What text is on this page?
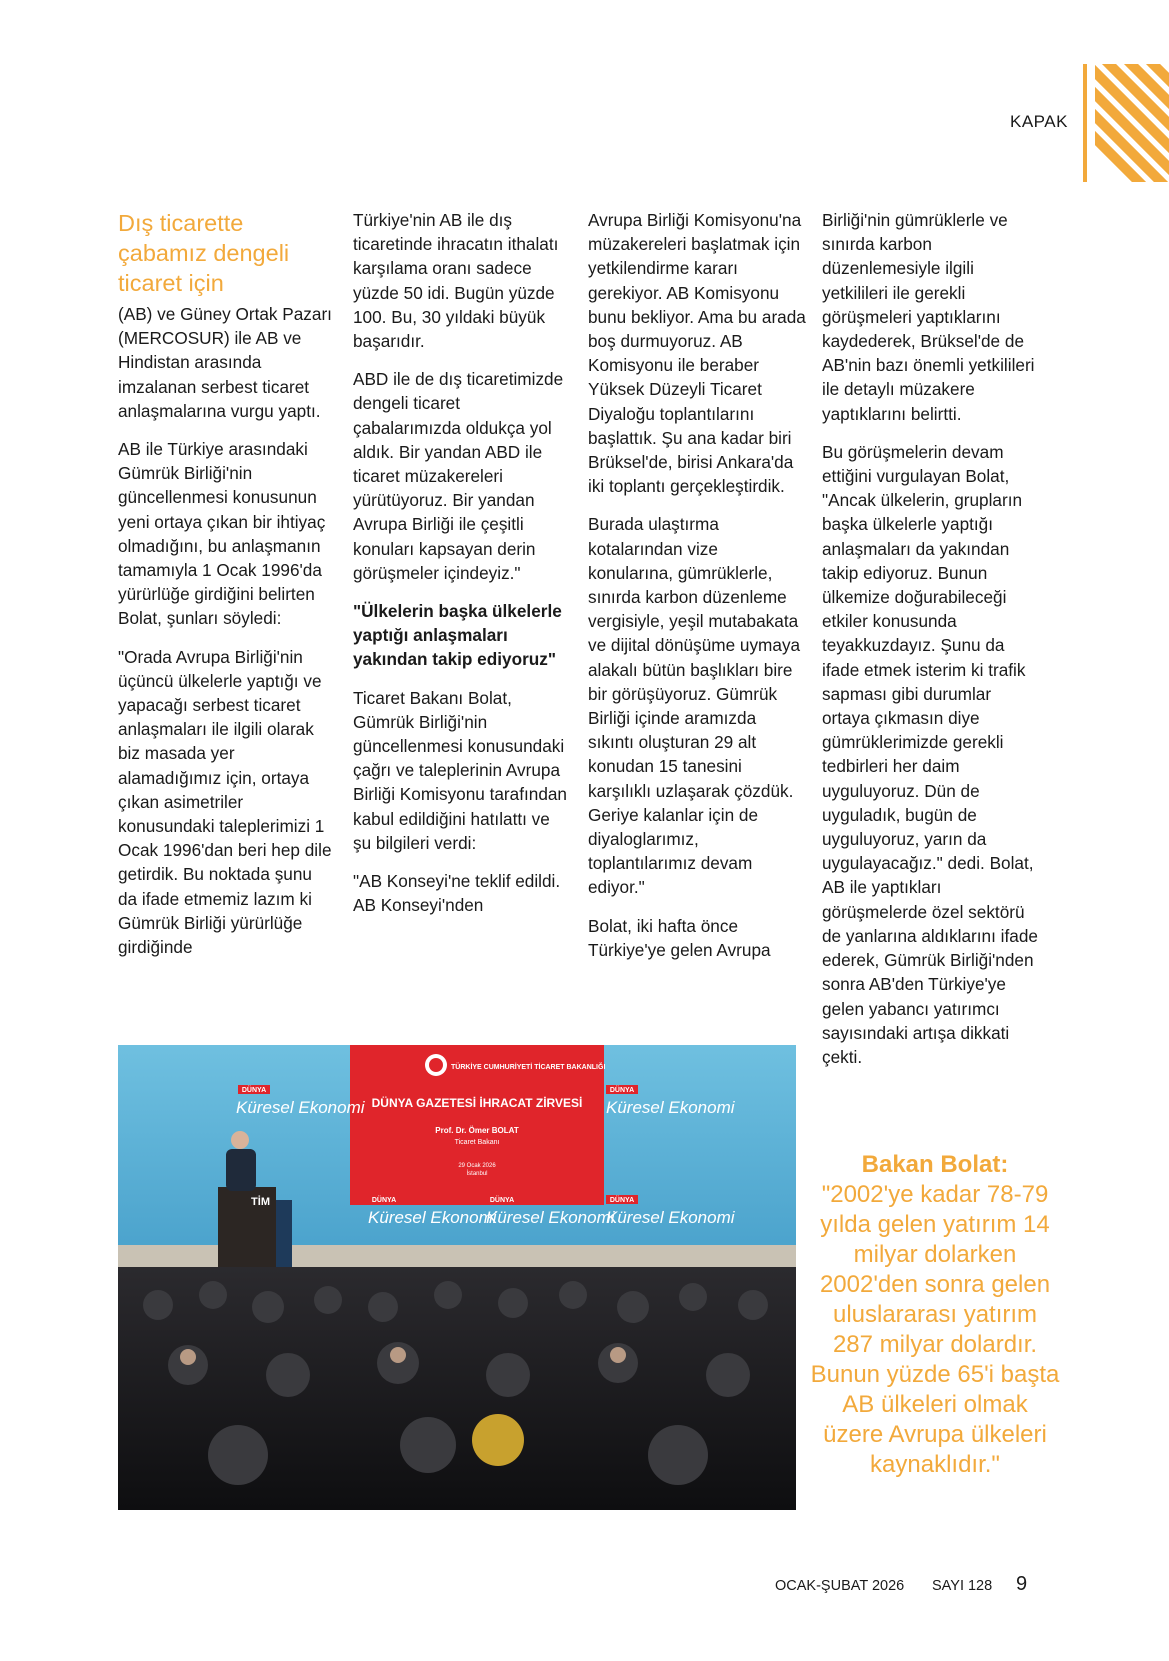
KAPAK
Dış ticarette çabamız dengeli ticaret için

(AB) ve Güney Ortak Pazarı (MERCOSUR) ile AB ve Hindistan arasında imzalanan serbest ticaret anlaşmalarına vurgu yaptı.

AB ile Türkiye arasındaki Gümrük Birliği'nin güncellenmesi konusunun yeni ortaya çıkan bir ihtiyaç olmadığını, bu anlaşmanın tamamıyla 1 Ocak 1996'da yürürlüğe girdiğini belirten Bolat, şunları söyledi:

"Orada Avrupa Birliği'nin üçüncü ülkelerle yaptığı ve yapacağı serbest ticaret anlaşmaları ile ilgili olarak biz masada yer alamadığımız için, ortaya çıkan asimetriler konusundaki taleplerimizi 1 Ocak 1996'dan beri hep dile getirdik. Bu noktada şunu da ifade etmemiz lazım ki Gümrük Birliği yürürlüğe girdiğinde

Türkiye'nin AB ile dış ticaretinde ihracatın ithalatı karşılama oranı sadece yüzde 50 idi. Bugün yüzde 100. Bu, 30 yıldaki büyük başarıdır.

ABD ile de dış ticaretimizde dengeli ticaret çabalarımızda oldukça yol aldık. Bir yandan ABD ile ticaret müzakereleri yürütüyoruz. Bir yandan Avrupa Birliği ile çeşitli konuları kapsayan derin görüşmeler içindeyiz."

"Ülkelerin başka ülkelerle yaptığı anlaşmaları yakından takip ediyoruz"

Ticaret Bakanı Bolat, Gümrük Birliği'nin güncellenmesi konusundaki çağrı ve taleplerinin Avrupa Birliği Komisyonu tarafından kabul edildiğini hatılattı ve şu bilgileri verdi:

"AB Konseyi'ne teklif edildi. AB Konseyi'nden

Avrupa Birliği Komisyonu'na müzakereleri başlatmak için yetkilendirme kararı gerekiyor. AB Komisyonu bunu bekliyor. Ama bu arada boş durmuyoruz. AB Komisyonu ile beraber Yüksek Düzeyli Ticaret Diyaloğu toplantılarını başlattık. Şu ana kadar biri Brüksel'de, birisi Ankara'da iki toplantı gerçekleştirdik.

Burada ulaştırma kotalarından vize konularına, gümrüklerle, sınırda karbon düzenleme vergisiyle, yeşil mutabakata ve dijital dönüşüme uymaya alakalı bütün başlıkları bire bir görüşüyoruz. Gümrük Birliği içinde aramızda sıkıntı oluşturan 29 alt konudan 15 tanesini karşılıklı uzlaşarak çözdük. Geriye kalanlar için de diyaloglarımız, toplantılarımız devam ediyor."

Bolat, iki hafta önce Türkiye'ye gelen Avrupa

Birliği'nin gümrüklerle ve sınırda karbon düzenlemesiyle ilgili yetkilileri ile gerekli görüşmeleri yaptıklarını kaydederek, Brüksel'de de AB'nin bazı önemli yetkilileri ile detaylı müzakere yaptıklarını belirtti.

Bu görüşmelerin devam ettiğini vurgulayan Bolat, "Ancak ülkelerin, grupların başka ülkelerle yaptığı anlaşmaları da yakından takip ediyoruz. Bunun ülkemize doğurabileceği etkiler konusunda teyakkuzdayız. Şunu da ifade etmek isterim ki trafik sapması gibi durumlar ortaya çıkmasın diye gümrüklerimizde gerekli tedbirleri her daim uyguluyoruz. Dün de uyguladık, bugün de uyguluyoruz, yarın da uygulayacağız." dedi. Bolat, AB ile yaptıkları görüşmelerde özel sektörü de yanlarına aldıklarını ifade ederek, Gümrük Birliği'nden sonra AB'den Türkiye'ye gelen yabancı yatırımcı sayısındaki artışa dikkati çekti.

TÜRKİYE CUMHURİYETİ TİCARET BAKANLIĞI
DÜNYA GAZETESİ İHRACAT ZİRVESİ
Prof. Dr. Ömer BOLAT
Ticaret Bakanı
29 Ocak 2026
İstanbul
DÜNYA
Küresel Ekonomi
DÜNYA
Küresel Ekonomi
DÜNYA
Küresel Ekonomi
DÜNYA
Küresel Ekonomi
DÜNYA
Küresel Ekonomi
TİM
Bakan Bolat:
"2002'ye kadar 78-79 yılda gelen yatırım 14 milyar dolarken 2002'den sonra gelen uluslararası yatırım 287 milyar dolardır. Bunun yüzde 65'i başta AB ülkeleri olmak üzere Avrupa ülkeleri kaynaklıdır."
OCAK-ŞUBAT 2026 SAYI 128 9
